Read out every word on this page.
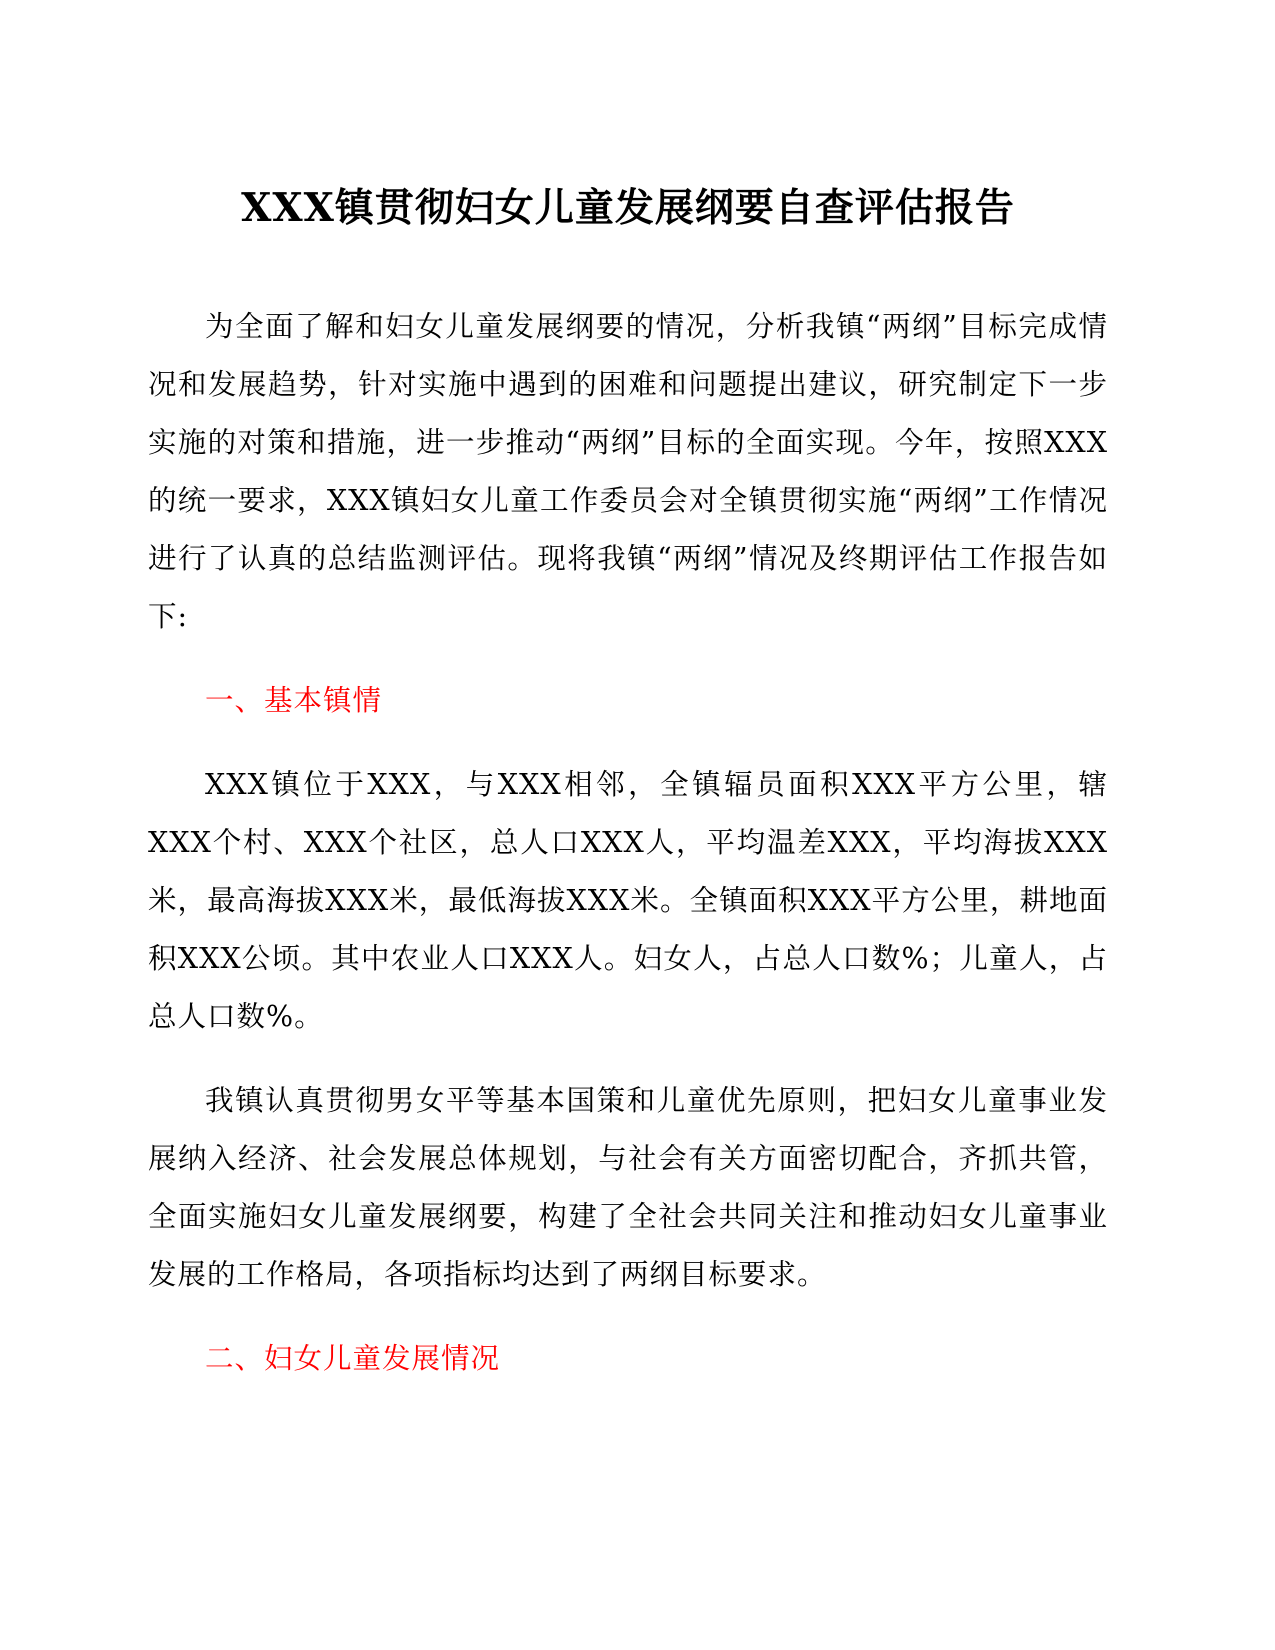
XXX镇贯彻妇女儿童发展纲要自查评估报告

为全面了解和妇女儿童发展纲要的情况，分析我镇“两纲”目标完成情况和发展趋势，针对实施中遇到的困难和问题提出建议，研究制定下一步实施的对策和措施，进一步推动“两纲”目标的全面实现。今年，按照XXX的统一要求，XXX镇妇女儿童工作委员会对全镇贯彻实施“两纲”工作情况进行了认真的总结监测评估。现将我镇“两纲”情况及终期评估工作报告如下:

一、基本镇情

XXX镇位于XXX，与XXX相邻，全镇辐员面积XXX平方公里，辖XXX个村、XXX个社区，总人口XXX人，平均温差XXX，平均海拔XXX米，最高海拔XXX米，最低海拔XXX米。全镇面积XXX平方公里，耕地面积XXX公顷。其中农业人口XXX人。妇女人，占总人口数%；儿童人，占总人口数%。

我镇认真贯彻男女平等基本国策和儿童优先原则，把妇女儿童事业发展纳入经济、社会发展总体规划，与社会有关方面密切配合，齐抓共管，全面实施妇女儿童发展纲要，构建了全社会共同关注和推动妇女儿童事业发展的工作格局，各项指标均达到了两纲目标要求。

二、妇女儿童发展情况
